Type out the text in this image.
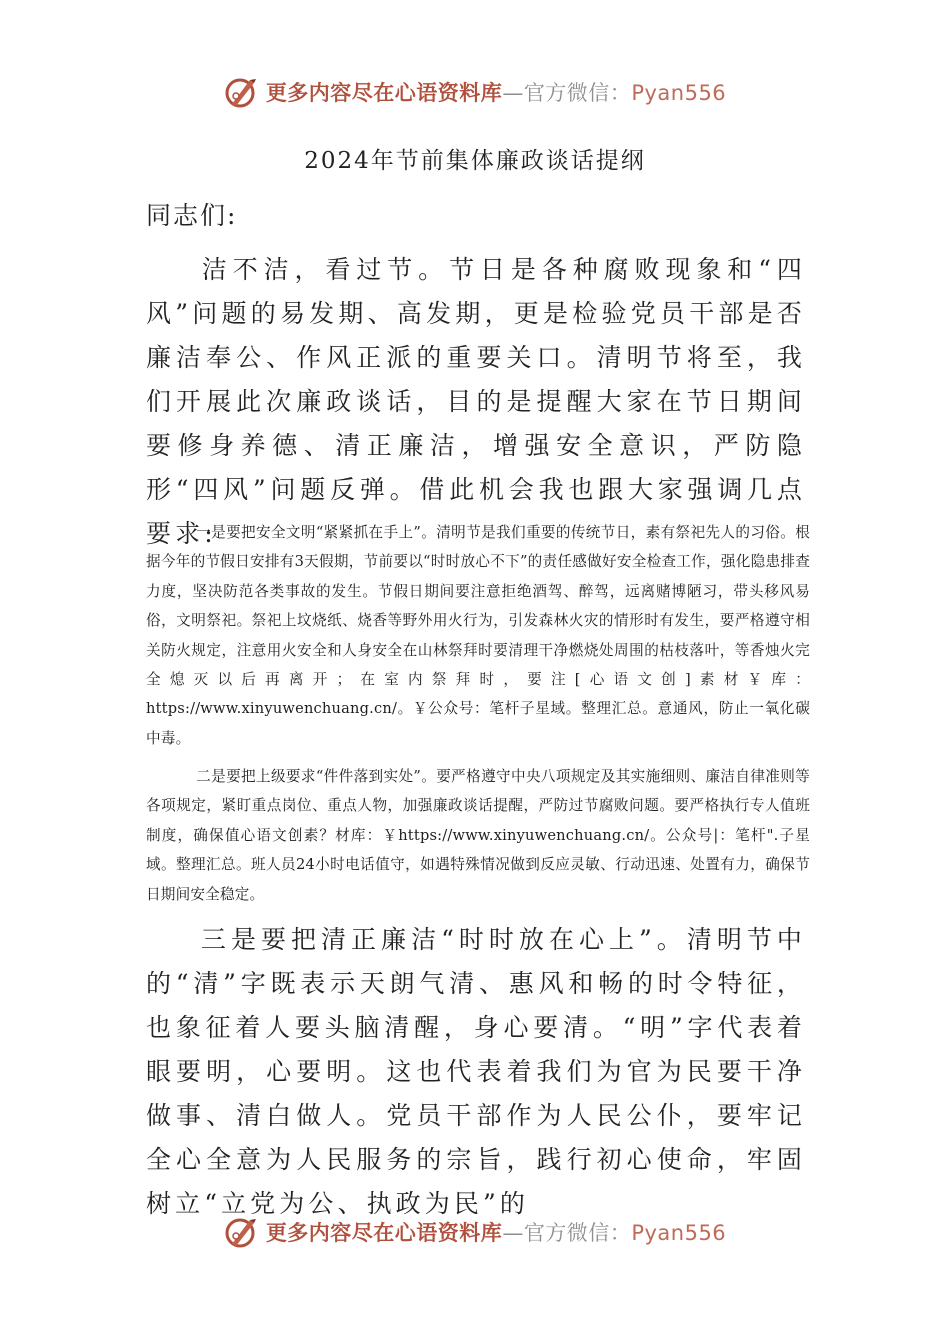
更多内容尽在心语资料库—官方微信：Pyan556
2024年节前集体廉政谈话提纲
同志们:

洁不洁，看过节。节日是各种腐败现象和“四风”问题的易发期、高发期，更是检验党员干部是否廉洁奉公、作风正派的重要关口。清明节将至，我们开展此次廉政谈话，目的是提醒大家在节日期间要修身养德、清正廉洁，增强安全意识，严防隐形“四风”问题反弹。借此机会我也跟大家强调几点要求:

一是要把安全文明“紧紧抓在手上”。清明节是我们重要的传统节日，素有祭祀先人的习俗。根据今年的节假日安排有3天假期，节前要以“时时放心不下”的责任感做好安全检查工作，强化隐患排查力度，坚决防范各类事故的发生。节假日期间要注意拒绝酒驾、醉驾，远离赌博陋习，带头移风易俗，文明祭祀。祭祀上坟烧纸、烧香等野外用火行为，引发森林火灾的情形时有发生，要严格遵守相关防火规定，注意用火安全和人身安全在山林祭拜时要清理干净燃烧处周围的枯枝落叶，等香烛火完全熄灭以后再离开；在室内祭拜时，要注[心语文创]素材￥库：https://www.xinyuwenchuang.cn/。￥公众号：笔杆子星域。整理汇总。意通风，防止一氧化碳中毒。

二是要把上级要求“件件落到实处”。要严格遵守中央八项规定及其实施细则、廉洁自律准则等各项规定，紧盯重点岗位、重点人物，加强廉政谈话提醒，严防过节腐败问题。要严格执行专人值班制度，确保值心语文创素？材库：￥https://www.xinyuwenchuang.cn/。公众号|：笔杆".子星域。整理汇总。班人员24小时电话值守，如遇特殊情况做到反应灵敏、行动迅速、处置有力，确保节日期间安全稳定。

三是要把清正廉洁“时时放在心上”。清明节中的“清”字既表示天朗气清、惠风和畅的时令特征，也象征着人要头脑清醒，身心要清。“明”字代表着眼要明，心要明。这也代表着我们为官为民要干净做事、清白做人。党员干部作为人民公仆，要牢记全心全意为人民服务的宗旨，践行初心使命，牢固树立“立党为公、执政为民”的

更多内容尽在心语资料库—官方微信：Pyan556
